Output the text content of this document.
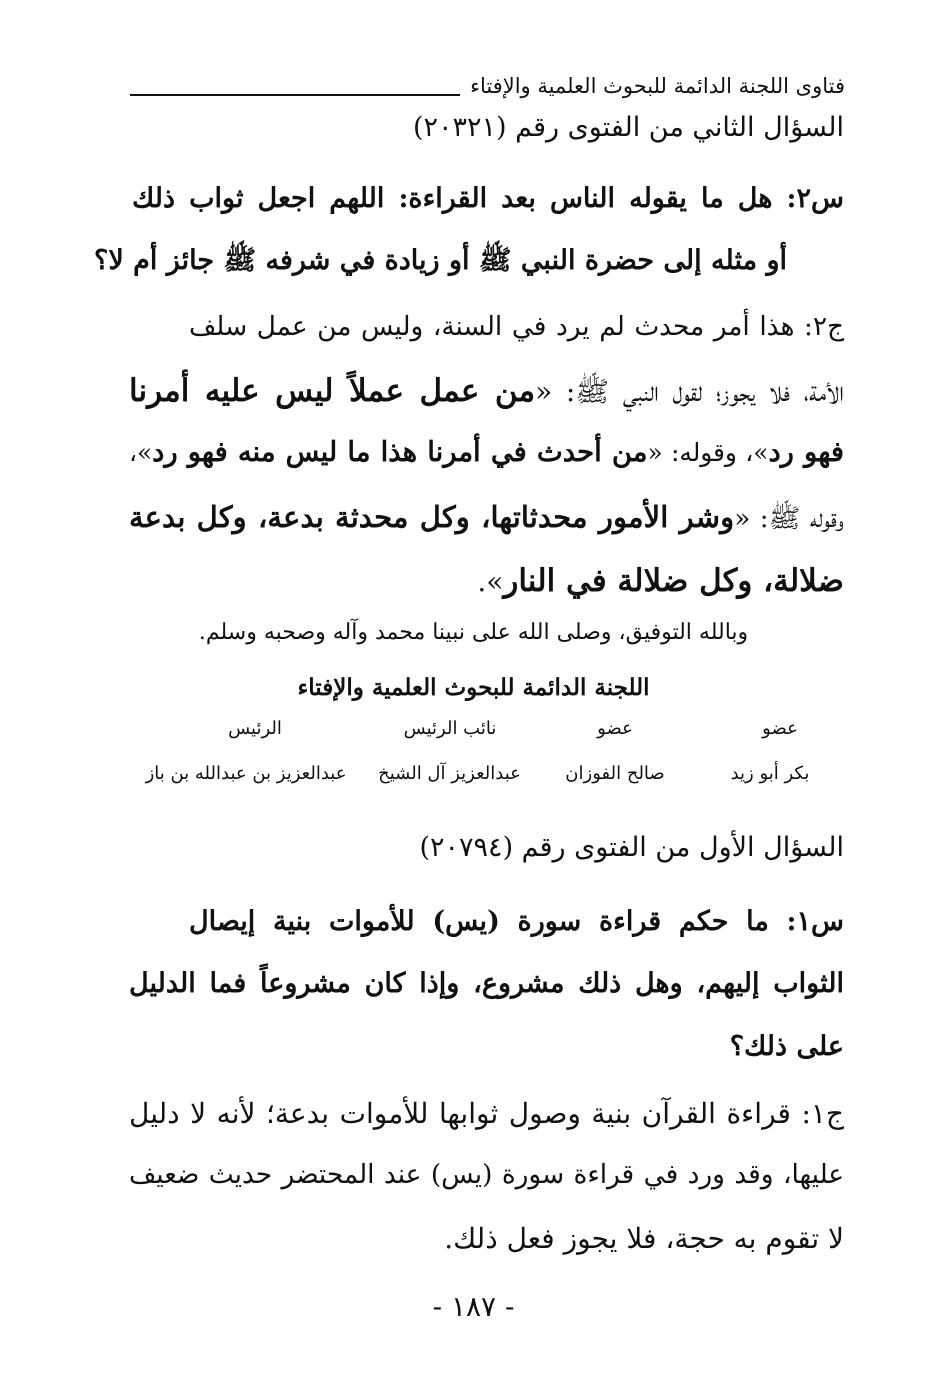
فتاوى اللجنة الدائمة للبحوث العلمية والإفتاء
السؤال الثاني من الفتوى رقم (٢٠٣٢١)
س٢: هل ما يقوله الناس بعد القراءة: اللهم اجعل ثواب ذلك
أو مثله إلى حضرة النبي ﷺ أو زيادة في شرفه ﷺ جائز أم لا؟
ج٢: هذا أمر محدث لم يرد في السنة، وليس من عمل سلف
الأمة، فلا يجوز؛ لقول النبي ﷺ: «من عمل عملاً ليس عليه أمرنا
فهو رد»، وقوله: «من أحدث في أمرنا هذا ما ليس منه فهو رد»،
وقوله ﷺ: «وشر الأمور محدثاتها، وكل محدثة بدعة، وكل بدعة
ضلالة، وكل ضلالة في النار».
وبالله التوفيق، وصلى الله على نبينا محمد وآله وصحبه وسلم.
اللجنة الدائمة للبحوث العلمية والإفتاء
عضو
بكر أبو زيد
عضو
صالح الفوزان
نائب الرئيس
عبدالعزيز آل الشيخ
الرئيس
عبدالعزيز بن عبدالله بن باز
السؤال الأول من الفتوى رقم (٢٠٧٩٤)
س١: ما حكم قراءة سورة (يس) للأموات بنية إيصال
الثواب إليهم، وهل ذلك مشروع، وإذا كان مشروعاً فما الدليل
على ذلك؟
ج١: قراءة القرآن بنية وصول ثوابها للأموات بدعة؛ لأنه لا دليل
عليها، وقد ورد في قراءة سورة (يس) عند المحتضر حديث ضعيف
لا تقوم به حجة، فلا يجوز فعل ذلك.
- ١٨٧ -
